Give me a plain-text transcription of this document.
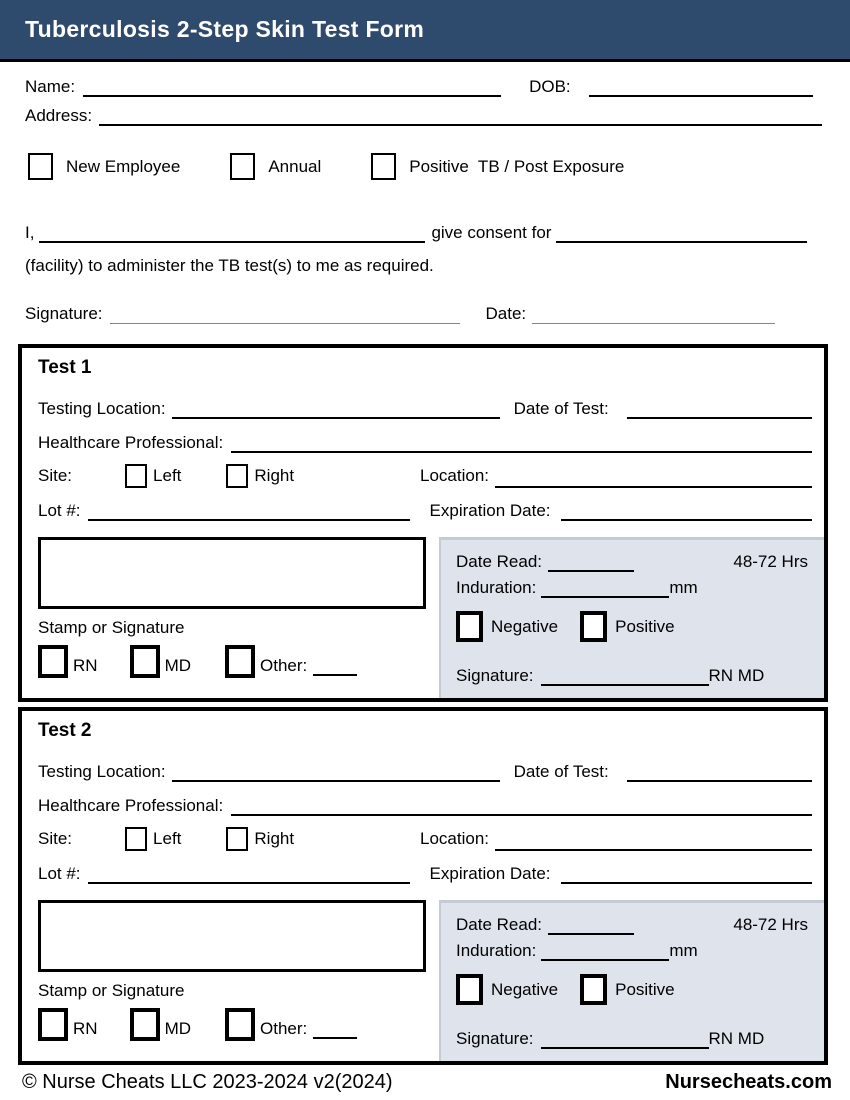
Tuberculosis 2-Step Skin Test Form
Name:	DOB:
Address:
New Employee	Annual	Positive  TB / Post Exposure
I,	give consent for
(facility) to administer the TB test(s) to me as required.
Signature:	Date:
Test 1
Testing Location:	Date of Test:
Healthcare Professional:
Site:	Left	Right	Location:
Lot #:	Expiration Date:
Stamp or Signature
RN	MD	Other:
Date Read:	48-72 Hrs
Induration:	mm
Negative	Positive
Signature:	RN MD
Test 2
Testing Location:	Date of Test:
Healthcare Professional:
Site:	Left	Right	Location:
Lot #:	Expiration Date:
Stamp or Signature
RN	MD	Other:
Date Read:	48-72 Hrs
Induration:	mm
Negative	Positive
Signature:	RN MD
© Nurse Cheats LLC 2023-2024 v2(2024)	Nursecheats.com
